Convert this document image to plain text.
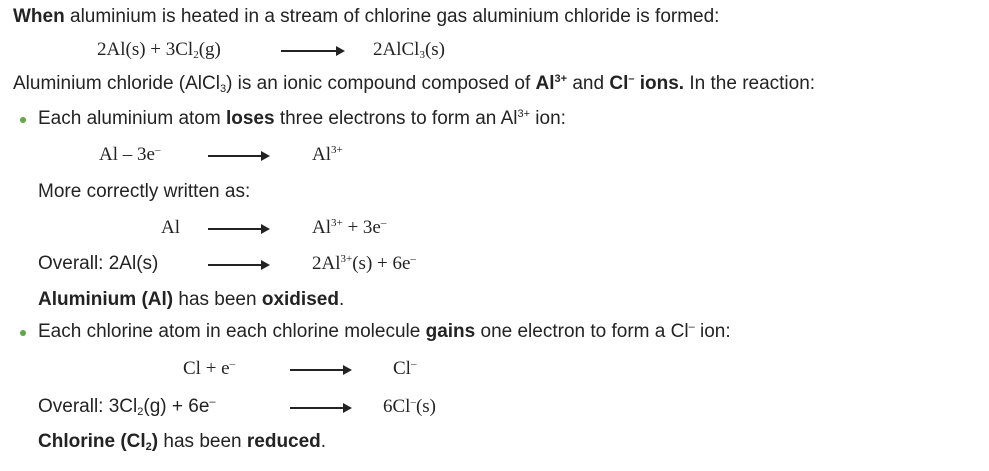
When aluminium is heated in a stream of chlorine gas aluminium chloride is formed:
$2Al(s) + 3Cl_2(g)$	2AlCl$_3$(s)
Aluminium chloride (AlCl$_3$) is an ionic compound composed of $Al^{3+}$ and Cl– ions. In the reaction:
Each aluminium atom loses three electrons to form an $Al^{3+}$ ion:
Al – 3e–	$Al^{3+}$
More correctly written as:
Al	$Al^{3+} + 3e^-$
Overall: 2Al(s)	$2Al^{3+}(s) + 6e^-$
Aluminium (Al) has been oxidised.
Each chlorine atom in each chlorine molecule gains one electron to form a Cl– ion:
Cl + e–	Cl–
Overall: $3Cl_2(g) + 6e^-$	6Cl–(s)
Chlorine $(Cl_2)$ has been reduced.
